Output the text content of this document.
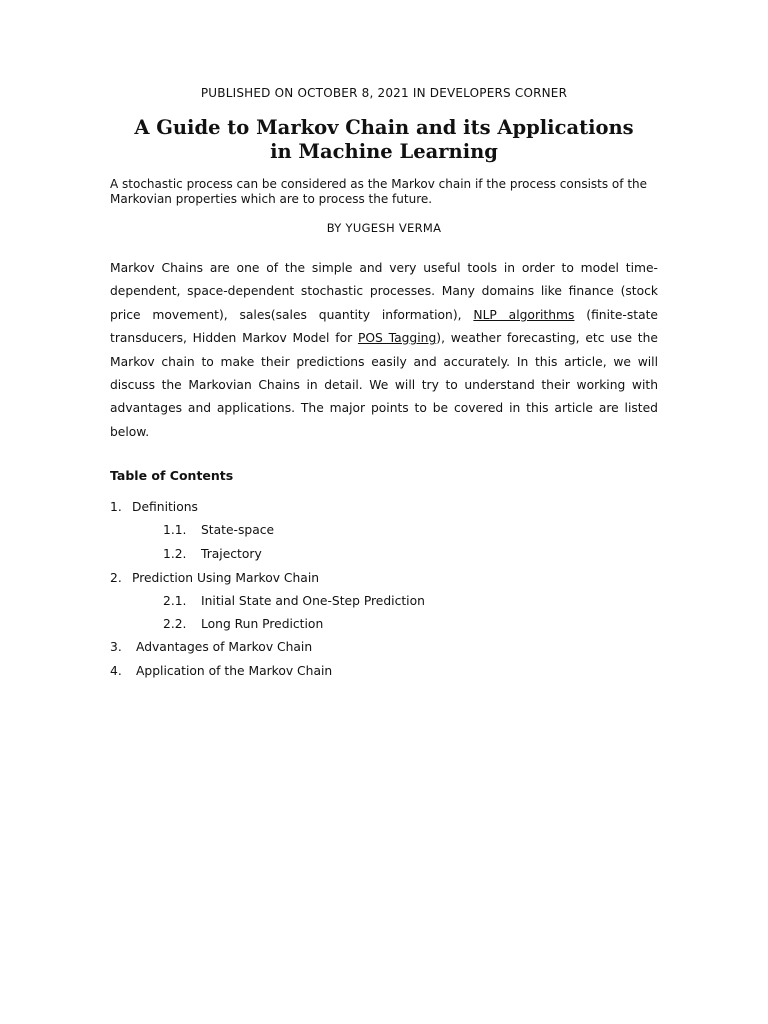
PUBLISHED ON OCTOBER 8, 2021 IN DEVELOPERS CORNER
A Guide to Markov Chain and its Applications
in Machine Learning

A stochastic process can be considered as the Markov chain if the process consists of the Markovian properties which are to process the future.

BY YUGESH VERMA

Markov Chains are one of the simple and very useful tools in order to model time-dependent, space-dependent stochastic processes. Many domains like finance (stock price movement), sales(sales quantity information), NLP algorithms (finite-state transducers, Hidden Markov Model for POS Tagging), weather forecasting, etc use the Markov chain to make their predictions easily and accurately. In this article, we will discuss the Markovian Chains in detail. We will try to understand their working with advantages and applications. The major points to be covered in this article are listed below.

Table of Contents
1. Definitions
1.1. State-space
1.2. Trajectory
2. Prediction Using Markov Chain
2.1. Initial State and One-Step Prediction
2.2. Long Run Prediction
3. Advantages of Markov Chain
4. Application of the Markov Chain
